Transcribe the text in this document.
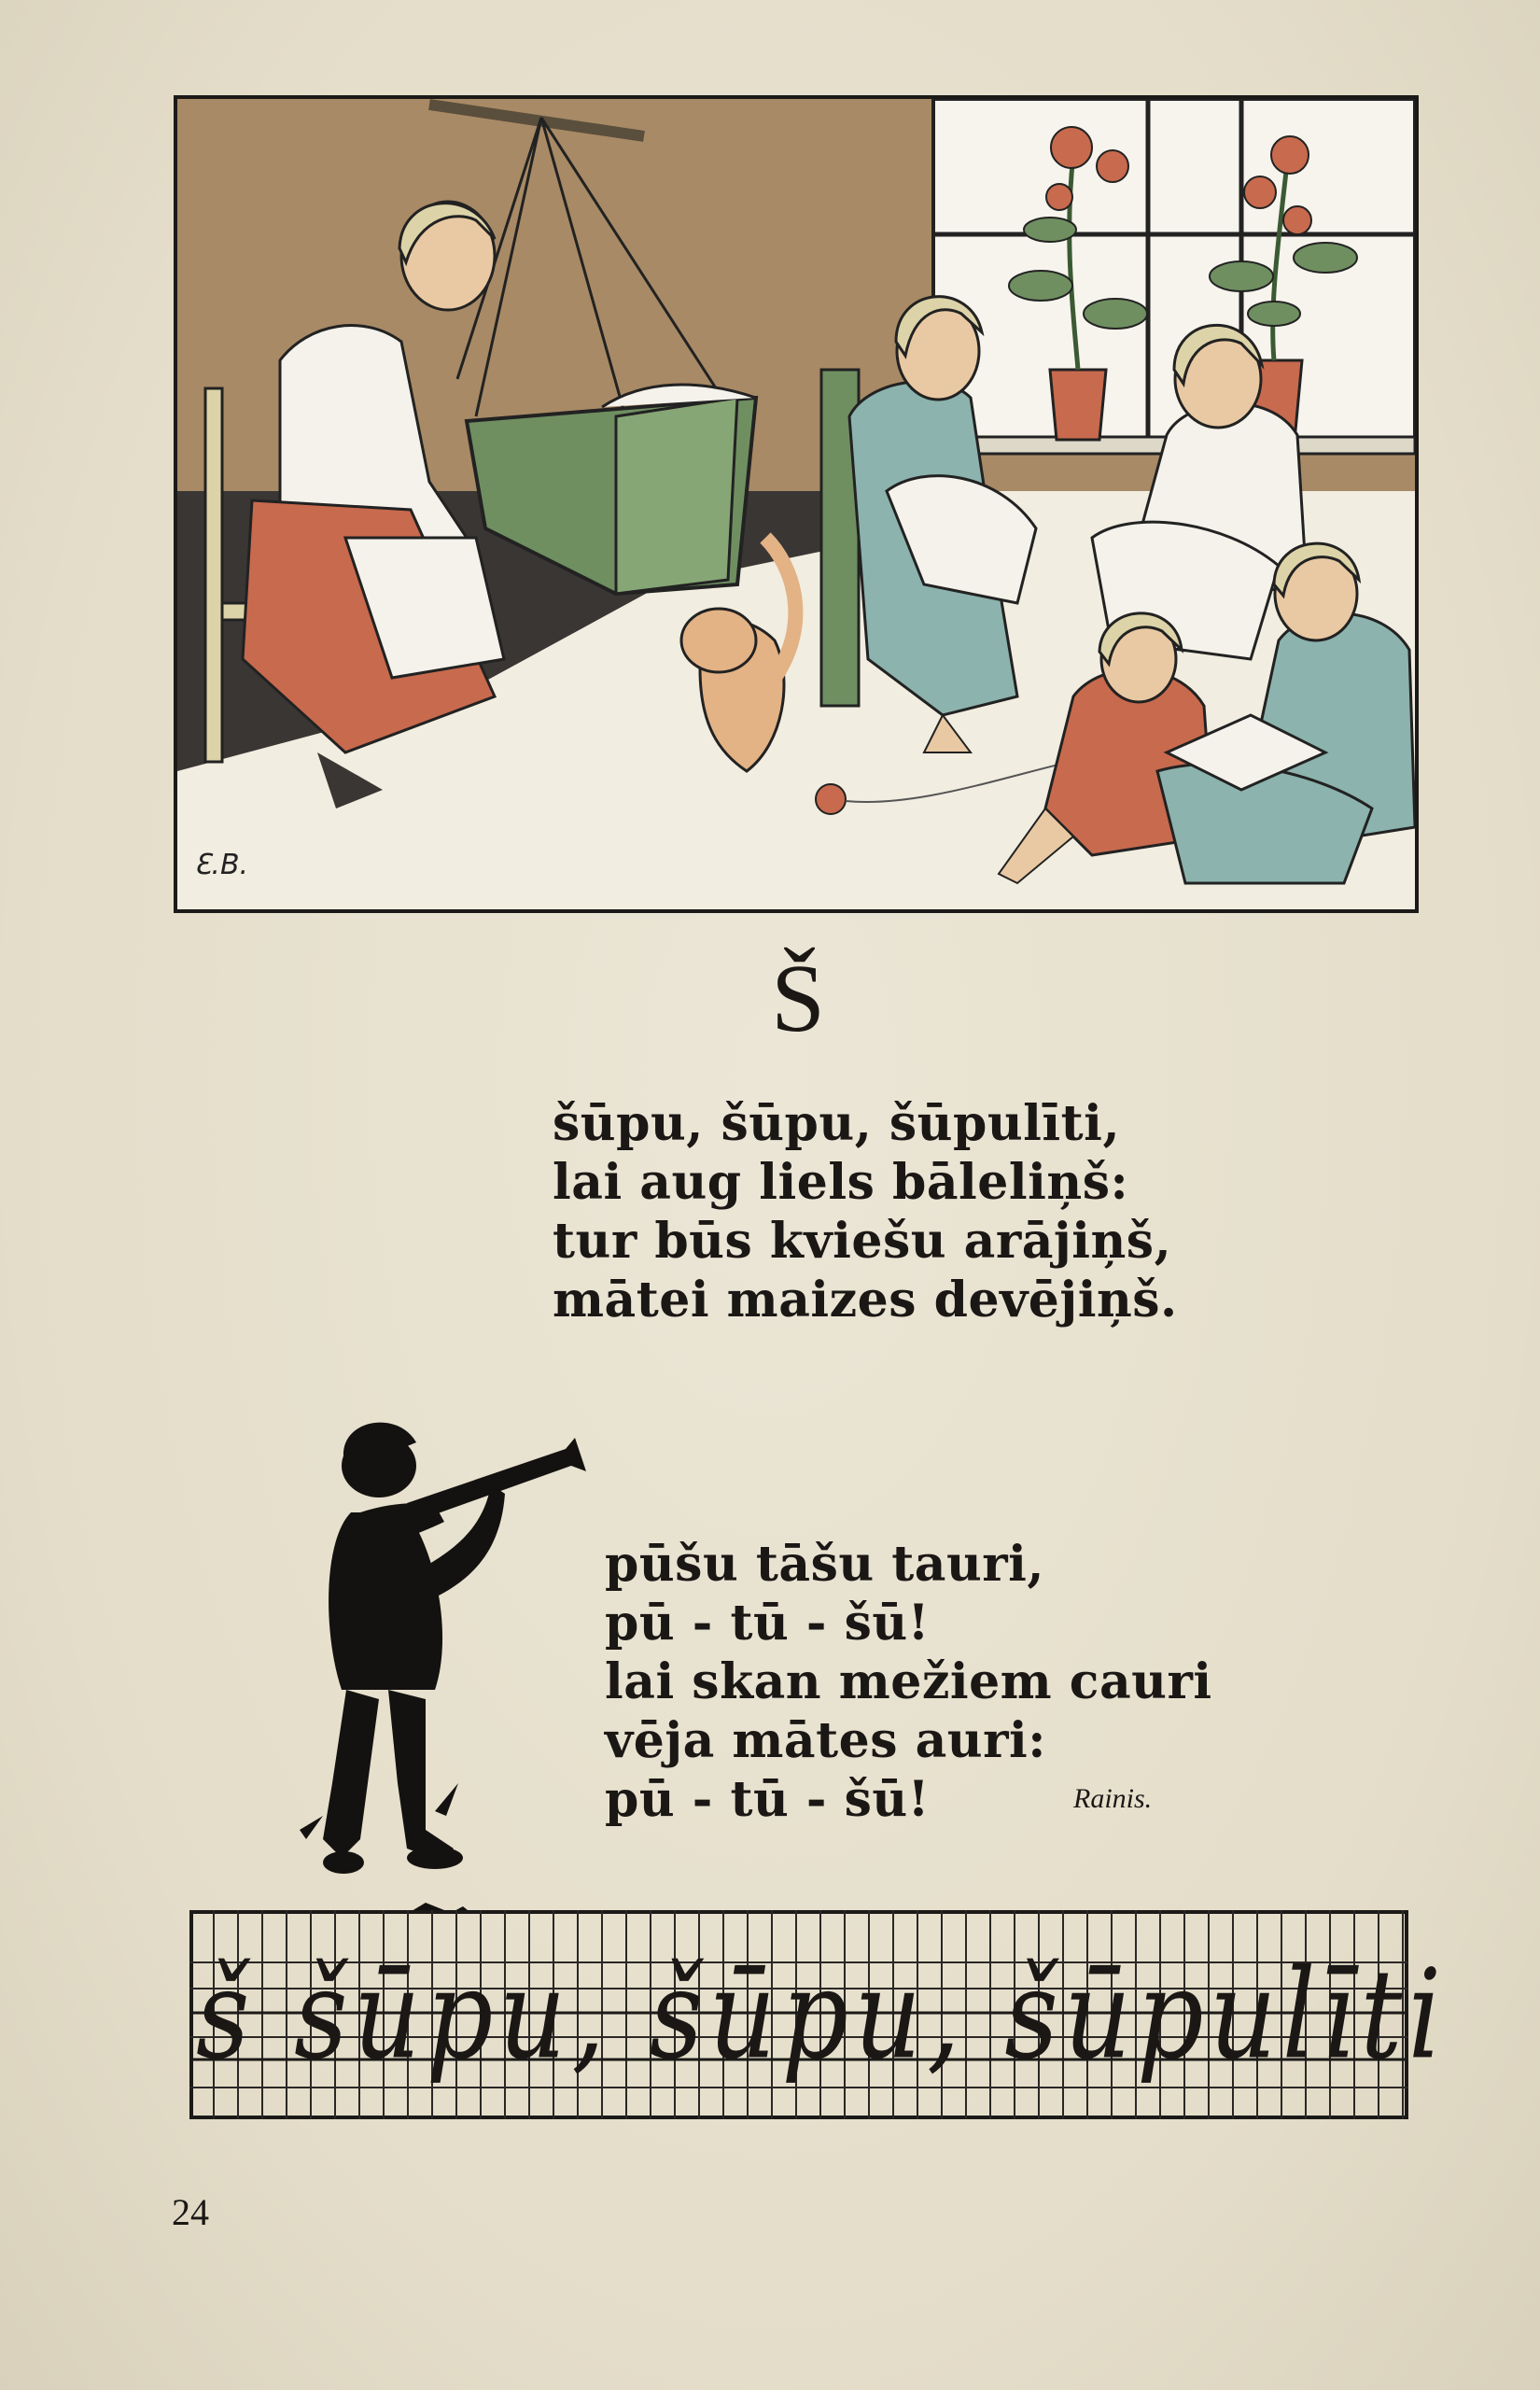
Ɛ.B.
Š
šūpu, šūpu, šūpulīti,
lai aug liels bāleliņš:
tur būs kviešu arājiņš,
mātei maizes devējiņš.
pūšu tāšu tauri,
pū - tū - šū!
lai skan mežiem cauri
vēja mātes auri:
pū - tū - šū!	Rainis.
š šūpu, šūpu, šūpulīti
24
